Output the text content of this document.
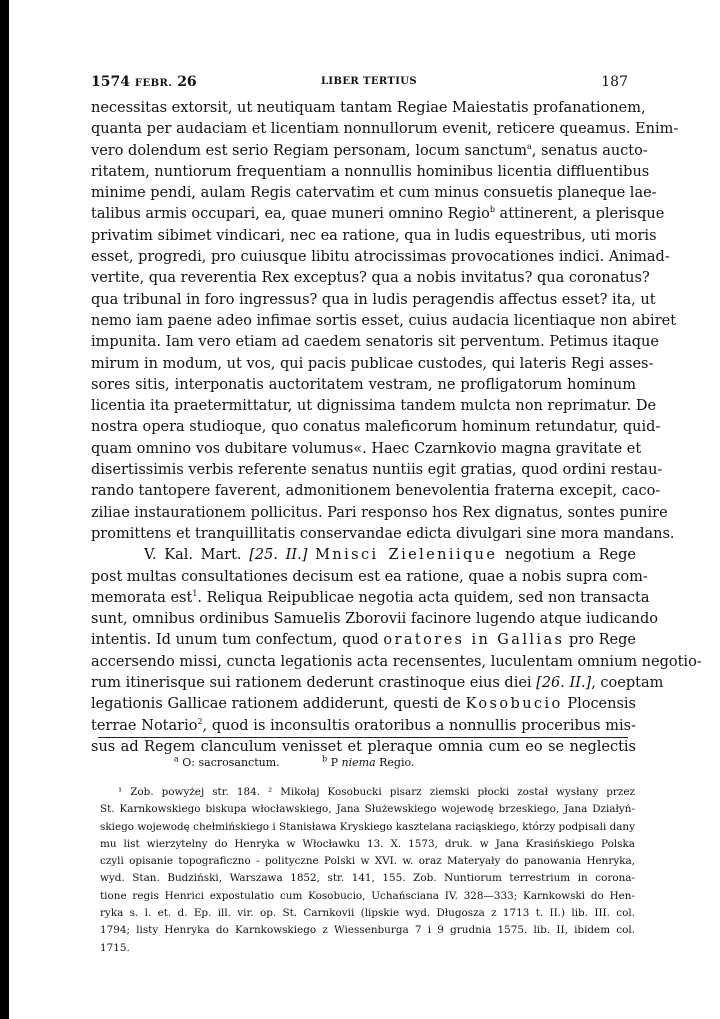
1574 FEBR. 26	LIBER TERTIUS	187
necessitas extorsit, ut neutiquam tantam Regiae Maiestatis profanationem,
quanta per audaciam et licentiam nonnullorum evenit, reticere queamus. Enim-
vero dolendum est serio Regiam personam, locum sanctum$^a$, senatus aucto-
ritatem, nuntiorum frequentiam a nonnullis hominibus licentia diffluentibus
minime pendi, aulam Regis catervatim et cum minus consuetis planeque lae-
talibus armis occupari, ea, quae muneri omnino Regio$^b$ attinerent, a plerisque
privatim sibimet vindicari, nec ea ratione, qua in ludis equestribus, uti moris
esset, progredi, pro cuiusque libitu atrocissimas provocationes indici. Animad-
vertite, qua reverentia Rex exceptus? qua a nobis invitatus? qua coronatus?
qua tribunal in foro ingressus? qua in ludis peragendis affectus esset? ita, ut
nemo iam paene adeo infimae sortis esset, cuius audacia licentiaque non abiret
impunita. Iam vero etiam ad caedem senatoris sit perventum. Petimus itaque
mirum in modum, ut vos, qui pacis publicae custodes, qui lateris Regi asses-
sores sitis, interponatis auctoritatem vestram, ne profligatorum hominum
licentia ita praetermittatur, ut dignissima tandem mulcta non reprimatur. De
nostra opera studioque, quo conatus maleficorum hominum retundatur, quid-
quam omnino vos dubitare volumus«. Haec Czarnkovio magna gravitate et
disertissimis verbis referente senatus nuntiis egit gratias, quod ordini restau-
rando tantopere faverent, admonitionem benevolentia fraterna excepit, caco-
ziliae instaurationem pollicitus. Pari responso hos Rex dignatus, sontes punire
promittens et tranquillitatis conservandae edicta divulgari sine mora mandans.
V. Kal. Mart. [25. II.] Mnisci Zieleniique negotium a Rege
post multas consultationes decisum est ea ratione, quae a nobis supra com-
memorata est$^1$. Reliqua Reipublicae negotia acta quidem, sed non transacta
sunt, omnibus ordinibus Samuelis Zborovii facinore lugendo atque iudicando
intentis. Id unum tum confectum, quod oratores in Gallias pro Rege
accersendo missi, cuncta legationis acta recensentes, luculentam omnium negotio-
rum itinerisque sui rationem dederunt crastinoque eius diei [26. II.], coeptam
legationis Gallicae rationem addiderunt, questi de Kosobucio Plocensis
terrae Notario$^2$, quod is inconsultis oratoribus a nonnullis proceribus mis-
sus ad Regem clanculum venisset et pleraque omnia cum eo se neglectis
$^a$ O: sacrosanctum.	$^b$ P niema Regio.
¹ Zob. powyżej str. 184. ² Mikołaj Kosobucki pisarz ziemski płocki został wysłany przez
St. Karnkowskiego biskupa włocławskiego, Jana Służewskiego wojewodę brzeskiego, Jana Działyń-
skiego wojewodę chełmińskiego i Stanisława Kryskiego kasztelana raciąskiego, którzy podpisali dany
mu list wierzytelny do Henryka w Włocławku 13. X. 1573, druk. w Jana Krasińskiego Polska
czyli opisanie topograficzno - polityczne Polski w XVI. w. oraz Materyały do panowania Henryka,
wyd. Stan. Budziński, Warszawa 1852, str. 141, 155. Zob. Nuntiorum terrestrium in corona-
tione regis Henrici expostulatio cum Kosobucio, Uchańsciana IV. 328—333; Karnkowski do Hen-
ryka s. l. et. d. Ep. ill. vir. op. St. Carnkovii (lipskie wyd. Długosza z 1713 t. II.) lib. III. col.
1794; listy Henryka do Karnkowskiego z Wiessenburga 7 i 9 grudnia 1575. lib. II, ibidem col.
1715.
